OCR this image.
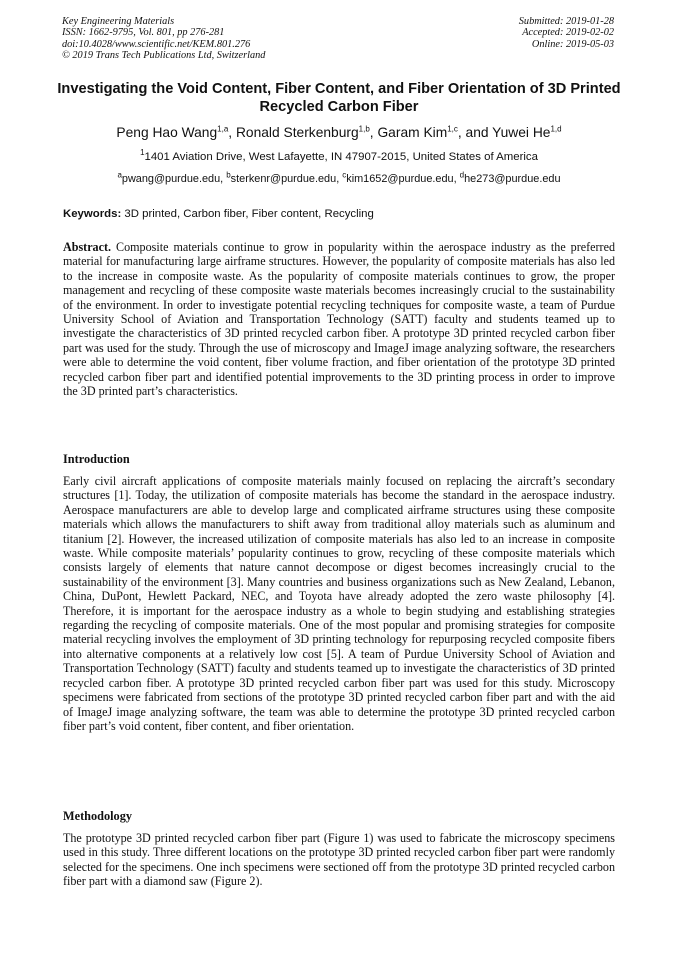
Key Engineering Materials
ISSN: 1662-9795, Vol. 801, pp 276-281
doi:10.4028/www.scientific.net/KEM.801.276
© 2019 Trans Tech Publications Ltd, Switzerland
Submitted: 2019-01-28
Accepted: 2019-02-02
Online: 2019-05-03
Investigating the Void Content, Fiber Content, and Fiber Orientation of 3D Printed Recycled Carbon Fiber
Peng Hao Wang$^{1,a}$, Ronald Sterkenburg$^{1,b}$, Garam Kim$^{1,c}$, and Yuwei He$^{1,d}$
$^1$1401 Aviation Drive, West Lafayette, IN 47907-2015, United States of America
$^a$pwang@purdue.edu, $^b$sterkenr@purdue.edu, $^c$kim1652@purdue.edu, $^d$he273@purdue.edu
Keywords: 3D printed, Carbon fiber, Fiber content, Recycling
Abstract. Composite materials continue to grow in popularity within the aerospace industry as the preferred material for manufacturing large airframe structures. However, the popularity of composite materials has also led to the increase in composite waste. As the popularity of composite materials continues to grow, the proper management and recycling of these composite waste materials becomes increasingly crucial to the sustainability of the environment. In order to investigate potential recycling techniques for composite waste, a team of Purdue University School of Aviation and Transportation Technology (SATT) faculty and students teamed up to investigate the characteristics of 3D printed recycled carbon fiber. A prototype 3D printed recycled carbon fiber part was used for the study. Through the use of microscopy and ImageJ image analyzing software, the researchers were able to determine the void content, fiber volume fraction, and fiber orientation of the prototype 3D printed recycled carbon fiber part and identified potential improvements to the 3D printing process in order to improve the 3D printed part’s characteristics.
Introduction
Early civil aircraft applications of composite materials mainly focused on replacing the aircraft’s secondary structures [1]. Today, the utilization of composite materials has become the standard in the aerospace industry. Aerospace manufacturers are able to develop large and complicated airframe structures using these composite materials which allows the manufacturers to shift away from traditional alloy materials such as aluminum and titanium [2]. However, the increased utilization of composite materials has also led to an increase in composite waste. While composite materials’ popularity continues to grow, recycling of these composite materials which consists largely of elements that nature cannot decompose or digest becomes increasingly crucial to the sustainability of the environment [3]. Many countries and business organizations such as New Zealand, Lebanon, China, DuPont, Hewlett Packard, NEC, and Toyota have already adopted the zero waste philosophy [4]. Therefore, it is important for the aerospace industry as a whole to begin studying and establishing strategies regarding the recycling of composite materials. One of the most popular and promising strategies for composite material recycling involves the employment of 3D printing technology for repurposing recycled composite fibers into alternative components at a relatively low cost [5]. A team of Purdue University School of Aviation and Transportation Technology (SATT) faculty and students teamed up to investigate the characteristics of 3D printed recycled carbon fiber. A prototype 3D printed recycled carbon fiber part was used for this study. Microscopy specimens were fabricated from sections of the prototype 3D printed recycled carbon fiber part and with the aid of ImageJ image analyzing software, the team was able to determine the prototype 3D printed recycled carbon fiber part’s void content, fiber content, and fiber orientation.
Methodology
The prototype 3D printed recycled carbon fiber part (Figure 1) was used to fabricate the microscopy specimens used in this study. Three different locations on the prototype 3D printed recycled carbon fiber part were randomly selected for the specimens. One inch specimens were sectioned off from the prototype 3D printed recycled carbon fiber part with a diamond saw (Figure 2).
